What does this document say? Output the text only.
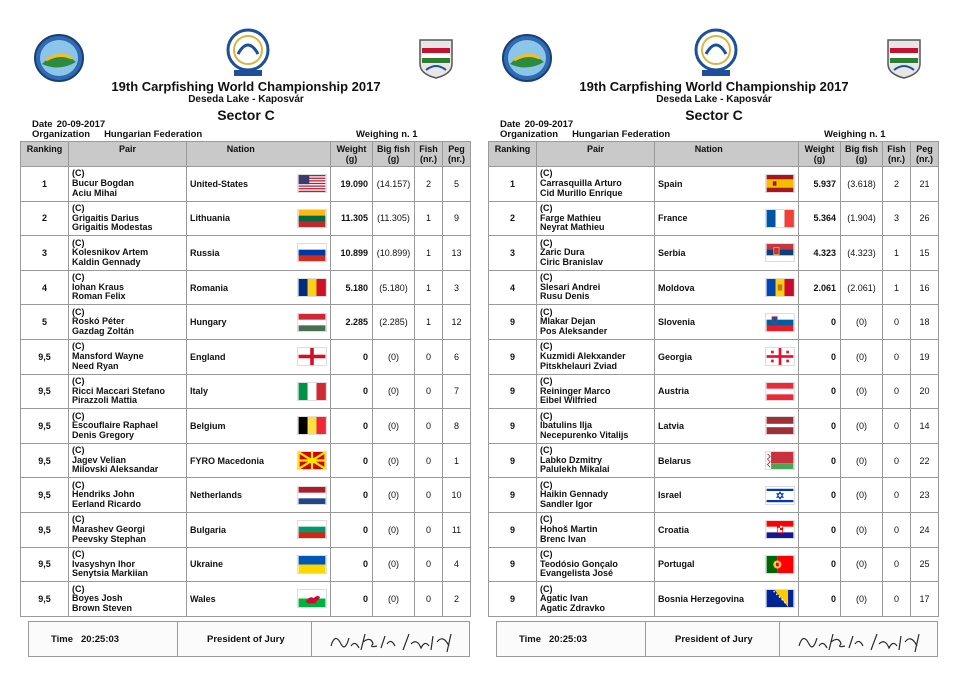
19th Carpfishing World Championship 2017
Deseda Lake - Kaposvár
Sector C
Date 20-09-2017
Organization Hungarian Federation	Weighing n. 1
Ranking	Pair	Nation		Weight
(g)	Big fish
(g)	Fish
(nr.)	Peg
(nr.)
1	(C)
Bucur Bogdan
Aciu Mihai	United-States		19.090	(14.157)	2	5
2	(C)
Grigaitis Darius
Grigaitis Modestas	Lithuania		11.305	(11.305)	1	9
3	(C)
Kolesnikov Artem
Kaldin Gennady	Russia		10.899	(10.899)	1	13
4	(C)
Iohan Kraus
Roman Felix	Romania		5.180	(5.180)	1	3
5	(C)
Roskó Péter
Gazdag Zoltán	Hungary		2.285	(2.285)	1	12
9,5	(C)
Mansford Wayne
Need Ryan	England		0	(0)	0	6
9,5	(C)
Ricci Maccari Stefano
Pirazzoli Mattia	Italy		0	(0)	0	7
9,5	(C)
Escouflaire Raphael
Denis Gregory	Belgium		0	(0)	0	8
9,5	(C)
Jagev Velian
Milovski Aleksandar	FYRO Macedonia		0	(0)	0	1
9,5	(C)
Hendriks John
Eerland Ricardo	Netherlands		0	(0)	0	10
9,5	(C)
Marashev Georgi
Peevsky Stephan	Bulgaria		0	(0)	0	11
9,5	(C)
Ivasyshyn Ihor
Senytsia Markiian	Ukraine		0	(0)	0	4
9,5	(C)
Boyes Josh
Brown Steven	Wales		0	(0)	0	2
Time 20:25:03	President of Jury
19th Carpfishing World Championship 2017
Deseda Lake - Kaposvár
Sector C
Date 20-09-2017
Organization Hungarian Federation	Weighing n. 1
Ranking	Pair	Nation		Weight
(g)	Big fish
(g)	Fish
(nr.)	Peg
(nr.)
1	(C)
Carrasquilla Arturo
Cid Murillo Enrique	Spain		5.937	(3.618)	2	21
2	(C)
Farge Mathieu
Neyrat Mathieu	France		5.364	(1.904)	3	26
3	(C)
Zaric Dura
Ciric Branislav	Serbia		4.323	(4.323)	1	15
4	(C)
Slesari Andrei
Rusu Denis	Moldova		2.061	(2.061)	1	16
9	(C)
Mlakar Dejan
Pos Aleksander	Slovenia		0	(0)	0	18
9	(C)
Kuzmidi Alekxander
Pitskhelauri Zviad	Georgia		0	(0)	0	19
9	(C)
Reininger Marco
Eibel Wilfried	Austria		0	(0)	0	20
9	(C)
Ibatulins Ilja
Necepurenko Vitalijs	Latvia		0	(0)	0	14
9	(C)
Labko Dzmitry
Palulekh Mikalai	Belarus		0	(0)	0	22
9	(C)
Haikin Gennady
Sandler Igor	Israel		0	(0)	0	23
9	(C)
Hohoš Martin
Brenc Ivan	Croatia		0	(0)	0	24
9	(C)
Teodósio Gonçalo
Evangelista José	Portugal		0	(0)	0	25
9	(C)
Agatic Ivan
Agatic Zdravko	Bosnia Herzegovina		0	(0)	0	17
Time 20:25:03	President of Jury
